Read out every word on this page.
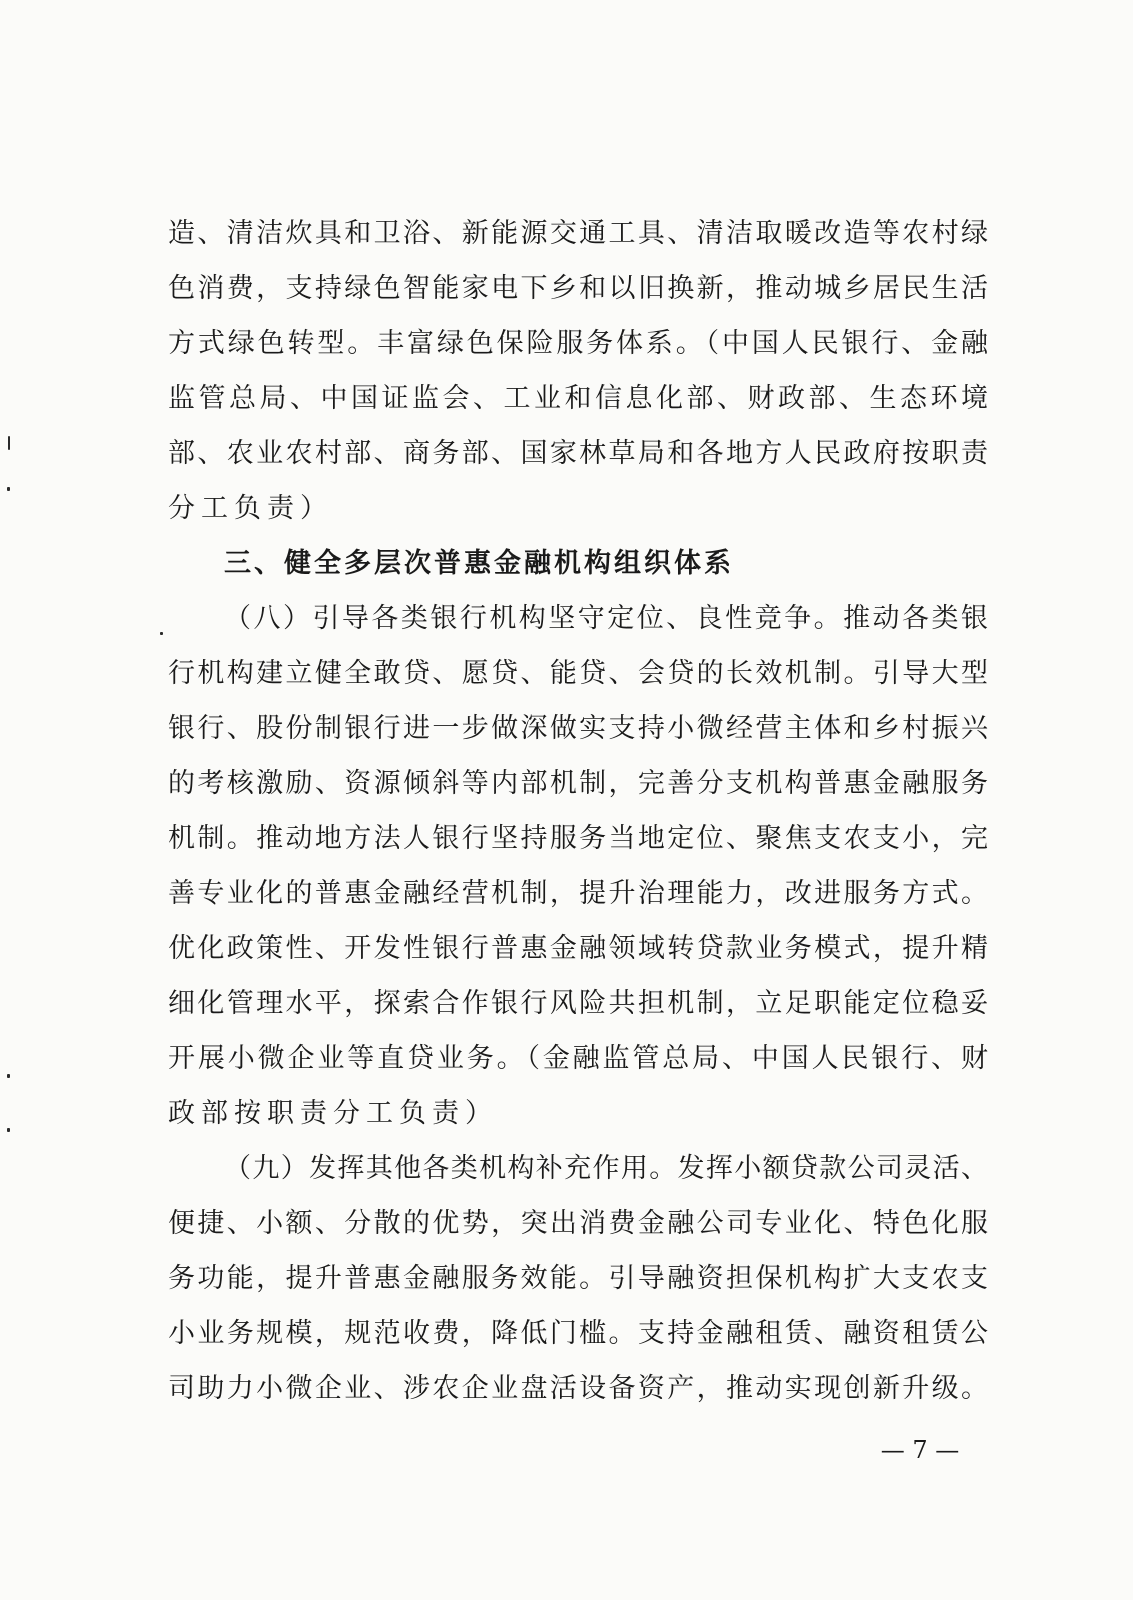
造、清洁炊具和卫浴、新能源交通工具、清洁取暖改造等农村绿
色消费，支持绿色智能家电下乡和以旧换新，推动城乡居民生活
方式绿色转型。丰富绿色保险服务体系。（中国人民银行、金融
监管总局、中国证监会、工业和信息化部、财政部、生态环境
部、农业农村部、商务部、国家林草局和各地方人民政府按职责
分工负责）
三、健全多层次普惠金融机构组织体系
（八）引导各类银行机构坚守定位、良性竞争。推动各类银
行机构建立健全敢贷、愿贷、能贷、会贷的长效机制。引导大型
银行、股份制银行进一步做深做实支持小微经营主体和乡村振兴
的考核激励、资源倾斜等内部机制，完善分支机构普惠金融服务
机制。推动地方法人银行坚持服务当地定位、聚焦支农支小，完
善专业化的普惠金融经营机制，提升治理能力，改进服务方式。
优化政策性、开发性银行普惠金融领域转贷款业务模式，提升精
细化管理水平，探索合作银行风险共担机制，立足职能定位稳妥
开展小微企业等直贷业务。（金融监管总局、中国人民银行、财
政部按职责分工负责）
（九）发挥其他各类机构补充作用。发挥小额贷款公司灵活、
便捷、小额、分散的优势，突出消费金融公司专业化、特色化服
务功能，提升普惠金融服务效能。引导融资担保机构扩大支农支
小业务规模，规范收费，降低门槛。支持金融租赁、融资租赁公
司助力小微企业、涉农企业盘活设备资产，推动实现创新升级。
— 7 —
